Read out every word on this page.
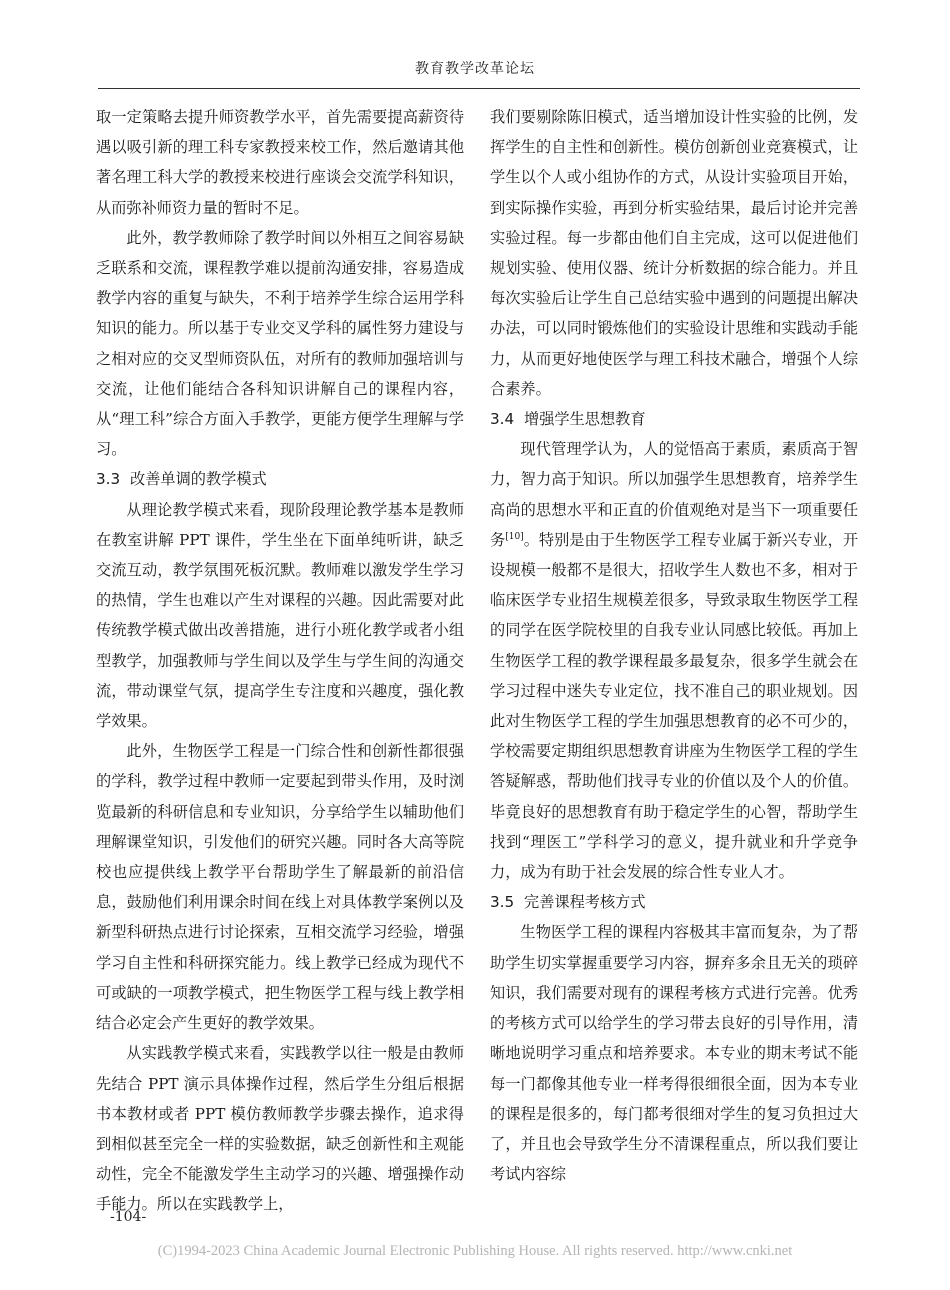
教育教学改革论坛

取一定策略去提升师资教学水平，首先需要提高薪资待遇以吸引新的理工科专家教授来校工作，然后邀请其他著名理工科大学的教授来校进行座谈会交流学科知识，从而弥补师资力量的暂时不足。

此外，教学教师除了教学时间以外相互之间容易缺乏联系和交流，课程教学难以提前沟通安排，容易造成教学内容的重复与缺失，不利于培养学生综合运用学科知识的能力。所以基于专业交叉学科的属性努力建设与之相对应的交叉型师资队伍，对所有的教师加强培训与交流，让他们能结合各科知识讲解自己的课程内容，从“理工科”综合方面入手教学，更能方便学生理解与学习。

3.3 改善单调的教学模式

从理论教学模式来看，现阶段理论教学基本是教师在教室讲解 PPT 课件，学生坐在下面单纯听讲，缺乏交流互动，教学氛围死板沉默。教师难以激发学生学习的热情，学生也难以产生对课程的兴趣。因此需要对此传统教学模式做出改善措施，进行小班化教学或者小组型教学，加强教师与学生间以及学生与学生间的沟通交流，带动课堂气氛，提高学生专注度和兴趣度，强化教学效果。

此外，生物医学工程是一门综合性和创新性都很强的学科，教学过程中教师一定要起到带头作用，及时浏览最新的科研信息和专业知识，分享给学生以辅助他们理解课堂知识，引发他们的研究兴趣。同时各大高等院校也应提供线上教学平台帮助学生了解最新的前沿信息，鼓励他们利用课余时间在线上对具体教学案例以及新型科研热点进行讨论探索，互相交流学习经验，增强学习自主性和科研探究能力。线上教学已经成为现代不可或缺的一项教学模式，把生物医学工程与线上教学相结合必定会产生更好的教学效果。

从实践教学模式来看，实践教学以往一般是由教师先结合 PPT 演示具体操作过程，然后学生分组后根据书本教材或者 PPT 模仿教师教学步骤去操作，追求得到相似甚至完全一样的实验数据，缺乏创新性和主观能动性，完全不能激发学生主动学习的兴趣、增强操作动手能力。所以在实践教学上，

我们要剔除陈旧模式，适当增加设计性实验的比例，发挥学生的自主性和创新性。模仿创新创业竞赛模式，让学生以个人或小组协作的方式，从设计实验项目开始，到实际操作实验，再到分析实验结果，最后讨论并完善实验过程。每一步都由他们自主完成，这可以促进他们规划实验、使用仪器、统计分析数据的综合能力。并且每次实验后让学生自己总结实验中遇到的问题提出解决办法，可以同时锻炼他们的实验设计思维和实践动手能力，从而更好地使医学与理工科技术融合，增强个人综合素养。

3.4 增强学生思想教育

现代管理学认为，人的觉悟高于素质，素质高于智力，智力高于知识。所以加强学生思想教育，培养学生高尚的思想水平和正直的价值观绝对是当下一项重要任务[10]。特别是由于生物医学工程专业属于新兴专业，开设规模一般都不是很大，招收学生人数也不多，相对于临床医学专业招生规模差很多，导致录取生物医学工程的同学在医学院校里的自我专业认同感比较低。再加上生物医学工程的教学课程最多最复杂，很多学生就会在学习过程中迷失专业定位，找不准自己的职业规划。因此对生物医学工程的学生加强思想教育的必不可少的，学校需要定期组织思想教育讲座为生物医学工程的学生答疑解惑，帮助他们找寻专业的价值以及个人的价值。毕竟良好的思想教育有助于稳定学生的心智，帮助学生找到“理医工”学科学习的意义，提升就业和升学竞争力，成为有助于社会发展的综合性专业人才。

3.5 完善课程考核方式

生物医学工程的课程内容极其丰富而复杂，为了帮助学生切实掌握重要学习内容，摒弃多余且无关的琐碎知识，我们需要对现有的课程考核方式进行完善。优秀的考核方式可以给学生的学习带去良好的引导作用，清晰地说明学习重点和培养要求。本专业的期末考试不能每一门都像其他专业一样考得很细很全面，因为本专业的课程是很多的，每门都考很细对学生的复习负担过大了，并且也会导致学生分不清课程重点，所以我们要让考试内容综

-104-
(C)1994-2023 China Academic Journal Electronic Publishing House. All rights reserved. http://www.cnki.net
